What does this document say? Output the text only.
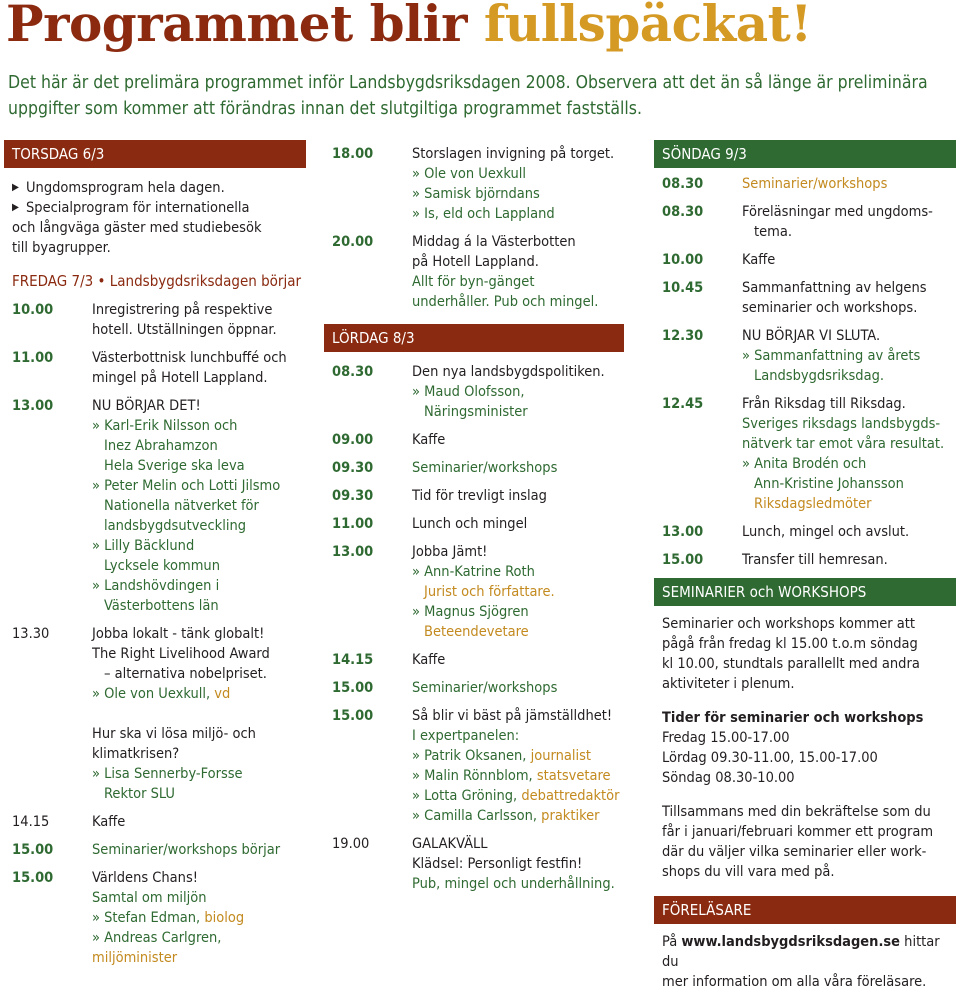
Programmet blir fullspäckat!
Det här är det prelimära programmet inför Landsbygdsriksdagen 2008. Observera att det än så länge är preliminära uppgifter som kommer att förändras innan det slutgiltiga programmet fastställs.
TORSDAG 6/3
▶ Ungdomsprogram hela dagen.
▶ Specialprogram för internationella
och långväga gäster med studiebesök
till byagrupper.
FREDAG 7/3 • Landsbygdsriksdagen börjar
10.00	Inregistrering på respektive
hotell. Utställningen öppnar.
11.00	Västerbottnisk lunchbuffé och
mingel på Hotell Lappland.
13.00	NU BÖRJAR DET!
» Karl-Erik Nilsson och
Inez Abrahamzon
Hela Sverige ska leva
» Peter Melin och Lotti Jilsmo
Nationella nätverket för
landsbygdsutveckling
» Lilly Bäcklund
Lycksele kommun
» Landshövdingen i
Västerbottens län
13.30	Jobba lokalt - tänk globalt!
The Right Livelihood Award
– alternativa nobelpriset.
» Ole von Uexkull, vd
Hur ska vi lösa miljö- och
klimatkrisen?
» Lisa Sennerby-Forsse
Rektor SLU
14.15	Kaffe
15.00	Seminarier/workshops börjar
15.00	Världens Chans!
Samtal om miljön
» Stefan Edman, biolog
» Andreas Carlgren, miljöminister
18.00	Storslagen invigning på torget.
» Ole von Uexkull
» Samisk björndans
» Is, eld och Lappland
20.00	Middag á la Västerbotten
på Hotell Lappland.
Allt för byn-gänget
underhåller. Pub och mingel.
LÖRDAG 8/3
08.30	Den nya landsbygdspolitiken.
» Maud Olofsson,
Näringsminister
09.00	Kaffe
09.30	Seminarier/workshops
09.30	Tid för trevligt inslag
11.00	Lunch och mingel
13.00	Jobba Jämt!
» Ann-Katrine Roth
Jurist och författare.
» Magnus Sjögren
Beteendevetare
14.15	Kaffe
15.00	Seminarier/workshops
15.00	Så blir vi bäst på jämställdhet!
I expertpanelen:
» Patrik Oksanen, journalist
» Malin Rönnblom, statsvetare
» Lotta Gröning, debattredaktör
» Camilla Carlsson, praktiker
19.00	GALAKVÄLL
Klädsel: Personligt festfin!
Pub, mingel och underhållning.
SÖNDAG 9/3
08.30	Seminarier/workshops
08.30	Föreläsningar med ungdoms-
tema.
10.00	Kaffe
10.45	Sammanfattning av helgens
seminarier och workshops.
12.30	NU BÖRJAR VI SLUTA.
» Sammanfattning av årets
Landsbygdsriksdag.
12.45	Från Riksdag till Riksdag.
Sveriges riksdags landsbygds-
nätverk tar emot våra resultat.
» Anita Brodén och
Ann-Kristine Johansson
Riksdagsledmöter
13.00	Lunch, mingel och avslut.
15.00	Transfer till hemresan.
SEMINARIER och WORKSHOPS
Seminarier och workshops kommer att
pågå från fredag kl 15.00 t.o.m söndag
kl 10.00, stundtals parallellt med andra
aktiviteter i plenum.
Tider för seminarier och workshops
Fredag 15.00-17.00
Lördag 09.30-11.00, 15.00-17.00
Söndag 08.30-10.00
Tillsammans med din bekräftelse som du
får i januari/februari kommer ett program
där du väljer vilka seminarier eller work-
shops du vill vara med på.
FÖRELÄSARE
På www.landsbygdsriksdagen.se hittar du
mer information om alla våra föreläsare.
